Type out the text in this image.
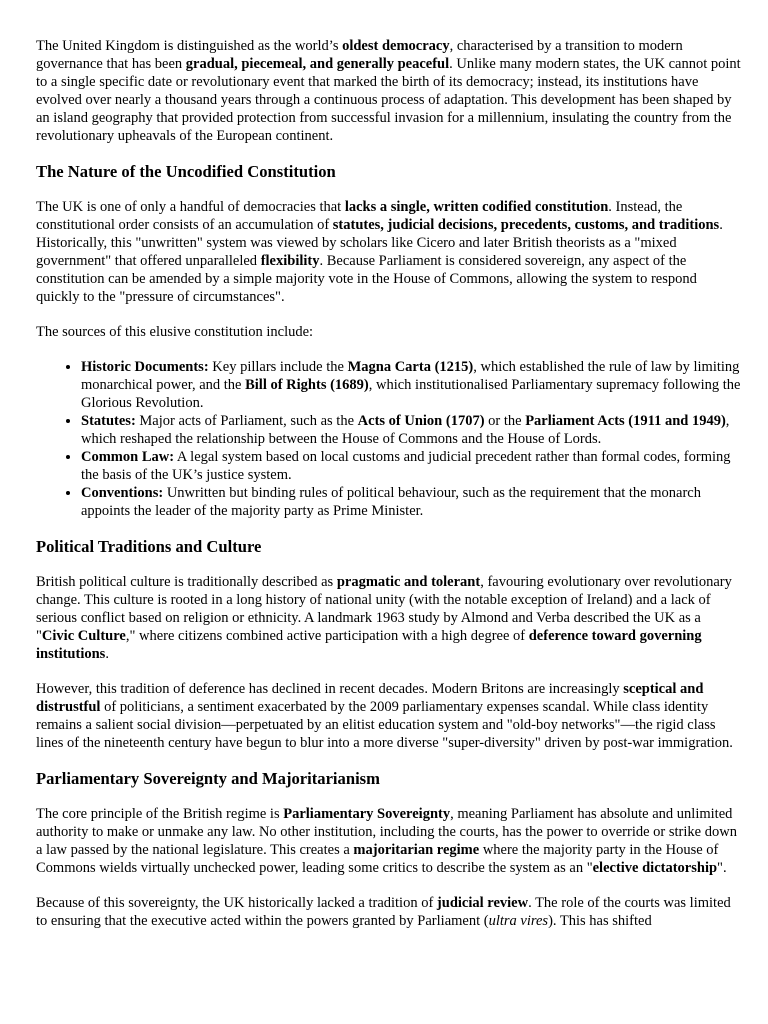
The United Kingdom is distinguished as the world’s oldest democracy, characterised by a transition to modern governance that has been gradual, piecemeal, and generally peaceful. Unlike many modern states, the UK cannot point to a single specific date or revolutionary event that marked the birth of its democracy; instead, its institutions have evolved over nearly a thousand years through a continuous process of adaptation. This development has been shaped by an island geography that provided protection from successful invasion for a millennium, insulating the country from the revolutionary upheavals of the European continent.

The Nature of the Uncodified Constitution

The UK is one of only a handful of democracies that lacks a single, written codified constitution. Instead, the constitutional order consists of an accumulation of statutes, judicial decisions, precedents, customs, and traditions. Historically, this "unwritten" system was viewed by scholars like Cicero and later British theorists as a "mixed government" that offered unparalleled flexibility. Because Parliament is considered sovereign, any aspect of the constitution can be amended by a simple majority vote in the House of Commons, allowing the system to respond quickly to the "pressure of circumstances".

The sources of this elusive constitution include:

• Historic Documents: Key pillars include the Magna Carta (1215), which established the rule of law by limiting monarchical power, and the Bill of Rights (1689), which institutionalised Parliamentary supremacy following the Glorious Revolution.
• Statutes: Major acts of Parliament, such as the Acts of Union (1707) or the Parliament Acts (1911 and 1949), which reshaped the relationship between the House of Commons and the House of Lords.
• Common Law: A legal system based on local customs and judicial precedent rather than formal codes, forming the basis of the UK’s justice system.
• Conventions: Unwritten but binding rules of political behaviour, such as the requirement that the monarch appoints the leader of the majority party as Prime Minister.
Political Traditions and Culture

British political culture is traditionally described as pragmatic and tolerant, favouring evolutionary over revolutionary change. This culture is rooted in a long history of national unity (with the notable exception of Ireland) and a lack of serious conflict based on religion or ethnicity. A landmark 1963 study by Almond and Verba described the UK as a "Civic Culture," where citizens combined active participation with a high degree of deference toward governing institutions.

However, this tradition of deference has declined in recent decades. Modern Britons are increasingly sceptical and distrustful of politicians, a sentiment exacerbated by the 2009 parliamentary expenses scandal. While class identity remains a salient social division—perpetuated by an elitist education system and "old-boy networks"—the rigid class lines of the nineteenth century have begun to blur into a more diverse "super-diversity" driven by post-war immigration.

Parliamentary Sovereignty and Majoritarianism

The core principle of the British regime is Parliamentary Sovereignty, meaning Parliament has absolute and unlimited authority to make or unmake any law. No other institution, including the courts, has the power to override or strike down a law passed by the national legislature. This creates a majoritarian regime where the majority party in the House of Commons wields virtually unchecked power, leading some critics to describe the system as an "elective dictatorship".

Because of this sovereignty, the UK historically lacked a tradition of judicial review. The role of the courts was limited to ensuring that the executive acted within the powers granted by Parliament (ultra vires). This has shifted
